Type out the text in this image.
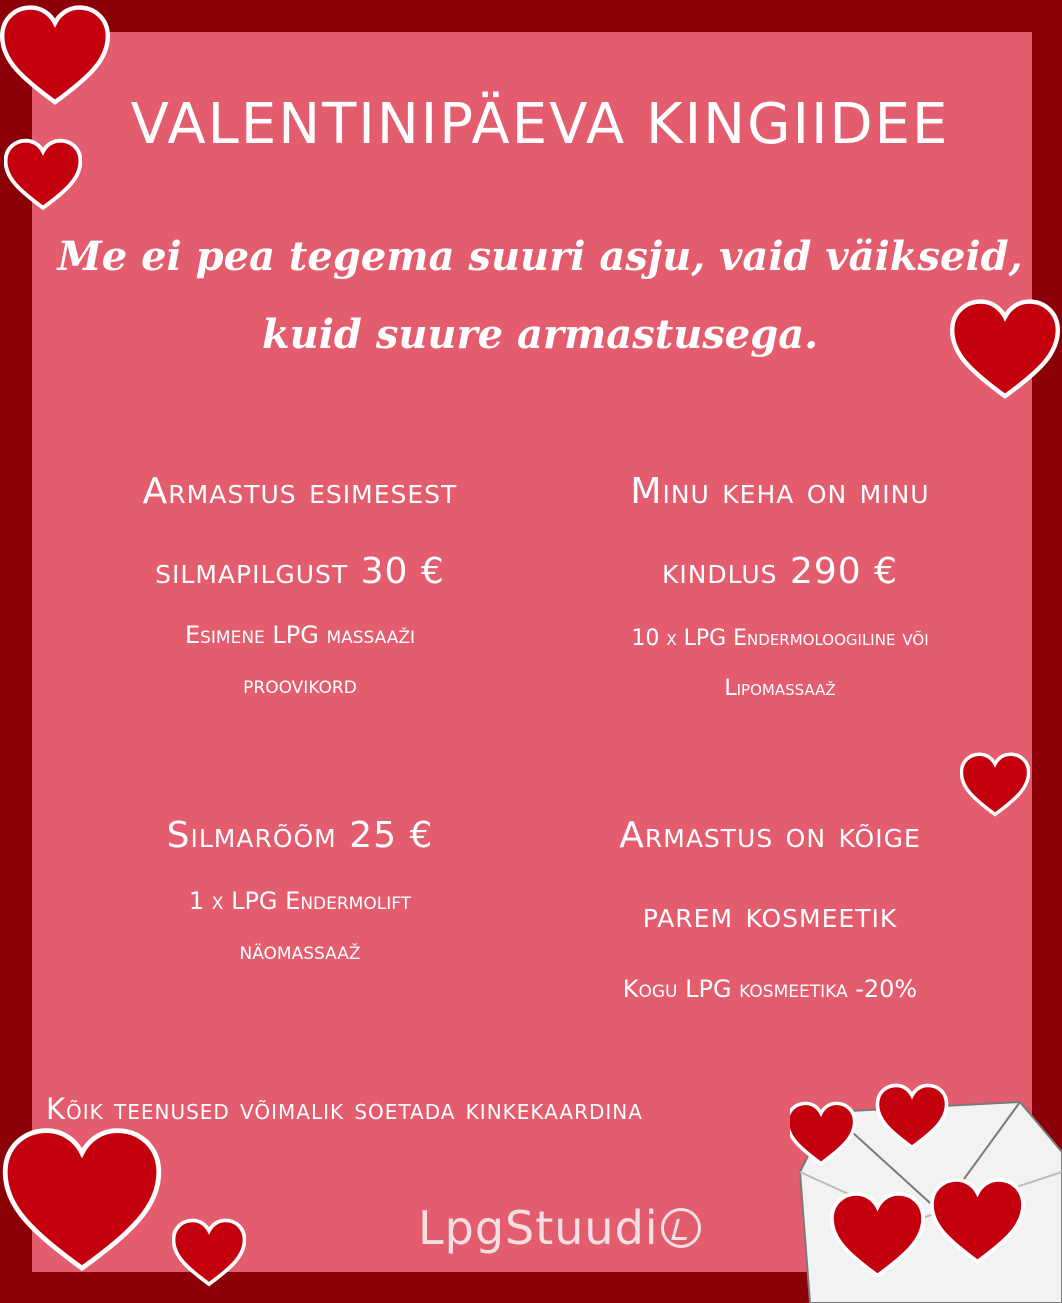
VALENTINIPÄEVA KINGIIDEE
Me ei pea tegema suuri asju, vaid väikseid,
kuid suure armastusega.
Armastus esimesest
silmapilgust 30 €
Esimene LPG massaaži
proovikord
Minu keha on minu
kindlus 290 €
10 x LPG Endermoloogiline või
Lipomassaaž
Silmarõõm 25 €
1 x LPG Endermolift
näomassaaž
Armastus on kõige
parem kosmeetik
Kogu LPG kosmeetika -20%
Kõik teenused võimalik soetada kinkekaardina
LpgStuudi
